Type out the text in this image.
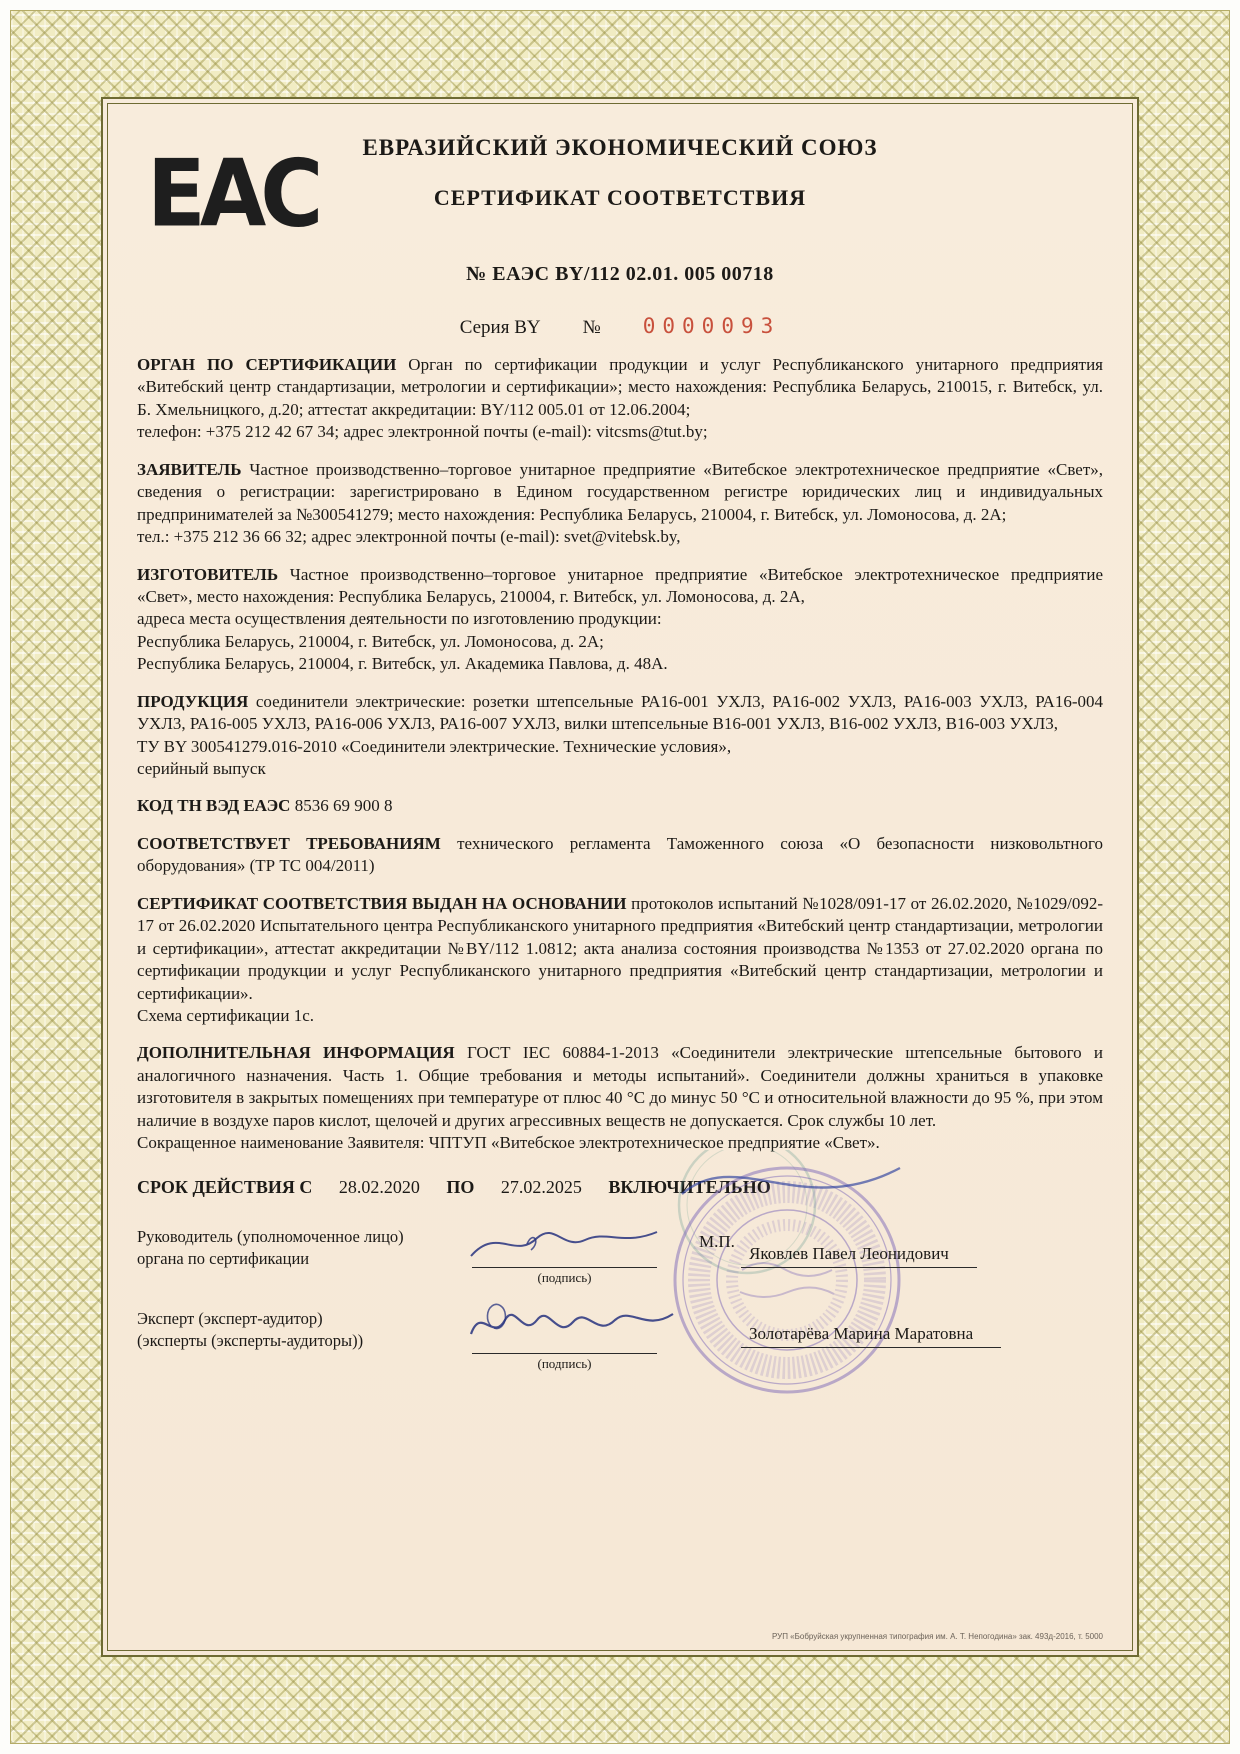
ЕАС	ЕВРАЗИЙСКИЙ ЭКОНОМИЧЕСКИЙ СОЮЗ
СЕРТИФИКАТ СООТВЕТСТВИЯ
№ ЕАЭС BY/112 02.01. 005 00718
Серия BY № 0000093

ОРГАН ПО СЕРТИФИКАЦИИ Орган по сертификации продукции и услуг Республиканского унитарного предприятия «Витебский центр стандартизации, метрологии и сертификации»; место нахождения: Республика Беларусь, 210015, г. Витебск, ул. Б. Хмельницкого, д.20; аттестат аккредитации: BY/112 005.01 от 12.06.2004;
телефон: +375 212 42 67 34; адрес электронной почты (e-mail): vitcsms@tut.by;

ЗАЯВИТЕЛЬ Частное производственно–торговое унитарное предприятие «Витебское электротехническое предприятие «Свет», сведения о регистрации: зарегистрировано в Едином государственном регистре юридических лиц и индивидуальных предпринимателей за №300541279; место нахождения: Республика Беларусь, 210004, г. Витебск, ул. Ломоносова, д. 2А;
тел.: +375 212 36 66 32; адрес электронной почты (e-mail): svet@vitebsk.by,

ИЗГОТОВИТЕЛЬ Частное производственно–торговое унитарное предприятие «Витебское электротехническое предприятие «Свет», место нахождения: Республика Беларусь, 210004, г. Витебск, ул. Ломоносова, д. 2А,
адреса места осуществления деятельности по изготовлению продукции:
Республика Беларусь, 210004, г. Витебск, ул. Ломоносова, д. 2А;
Республика Беларусь, 210004, г. Витебск, ул. Академика Павлова, д. 48А.

ПРОДУКЦИЯ соединители электрические: розетки штепсельные РА16-001 УХЛ3, РА16-002 УХЛ3, РА16-003 УХЛ3, РА16-004 УХЛ3, РА16-005 УХЛ3, РА16-006 УХЛ3, РА16-007 УХЛ3, вилки штепсельные В16-001 УХЛ3, В16-002 УХЛ3, В16-003 УХЛ3,
ТУ BY 300541279.016-2010 «Соединители электрические. Технические условия»,
серийный выпуск

КОД ТН ВЭД ЕАЭС 8536 69 900 8

СООТВЕТСТВУЕТ ТРЕБОВАНИЯМ технического регламента Таможенного союза «О безопасности низковольтного оборудования» (ТР ТС 004/2011)

СЕРТИФИКАТ СООТВЕТСТВИЯ ВЫДАН НА ОСНОВАНИИ протоколов испытаний №1028/091-17 от 26.02.2020, №1029/092-17 от 26.02.2020 Испытательного центра Республиканского унитарного предприятия «Витебский центр стандартизации, метрологии и сертификации», аттестат аккредитации №BY/112 1.0812; акта анализа состояния производства №1353 от 27.02.2020 органа по сертификации продукции и услуг Республиканского унитарного предприятия «Витебский центр стандартизации, метрологии и сертификации».
Схема сертификации 1с.

ДОПОЛНИТЕЛЬНАЯ ИНФОРМАЦИЯ ГОСТ IEC 60884-1-2013 «Соединители электрические штепсельные бытового и аналогичного назначения. Часть 1. Общие требования и методы испытаний». Соединители должны храниться в упаковке изготовителя в закрытых помещениях при температуре от плюс 40 °С до минус 50 °С и относительной влажности до 95 %, при этом наличие в воздухе паров кислот, щелочей и других агрессивных веществ не допускается. Срок службы 10 лет.
Сокращенное наименование Заявителя: ЧПТУП «Витебское электротехническое предприятие «Свет».

СРОК ДЕЙСТВИЯ С 28.02.2020 ПО 27.02.2025 ВКЛЮЧИТЕЛЬНО

Руководитель (уполномоченное лицо)
органа по сертификации
(подпись)
М.П.
Яковлев Павел Леонидович
Эксперт (эксперт-аудитор)
(эксперты (эксперты-аудиторы))
(подпись)
Золотарёва Марина Маратовна
РУП «Бобруйская укрупненная типография им. А. Т. Непогодина» зак. 493д-2016, т. 5000
